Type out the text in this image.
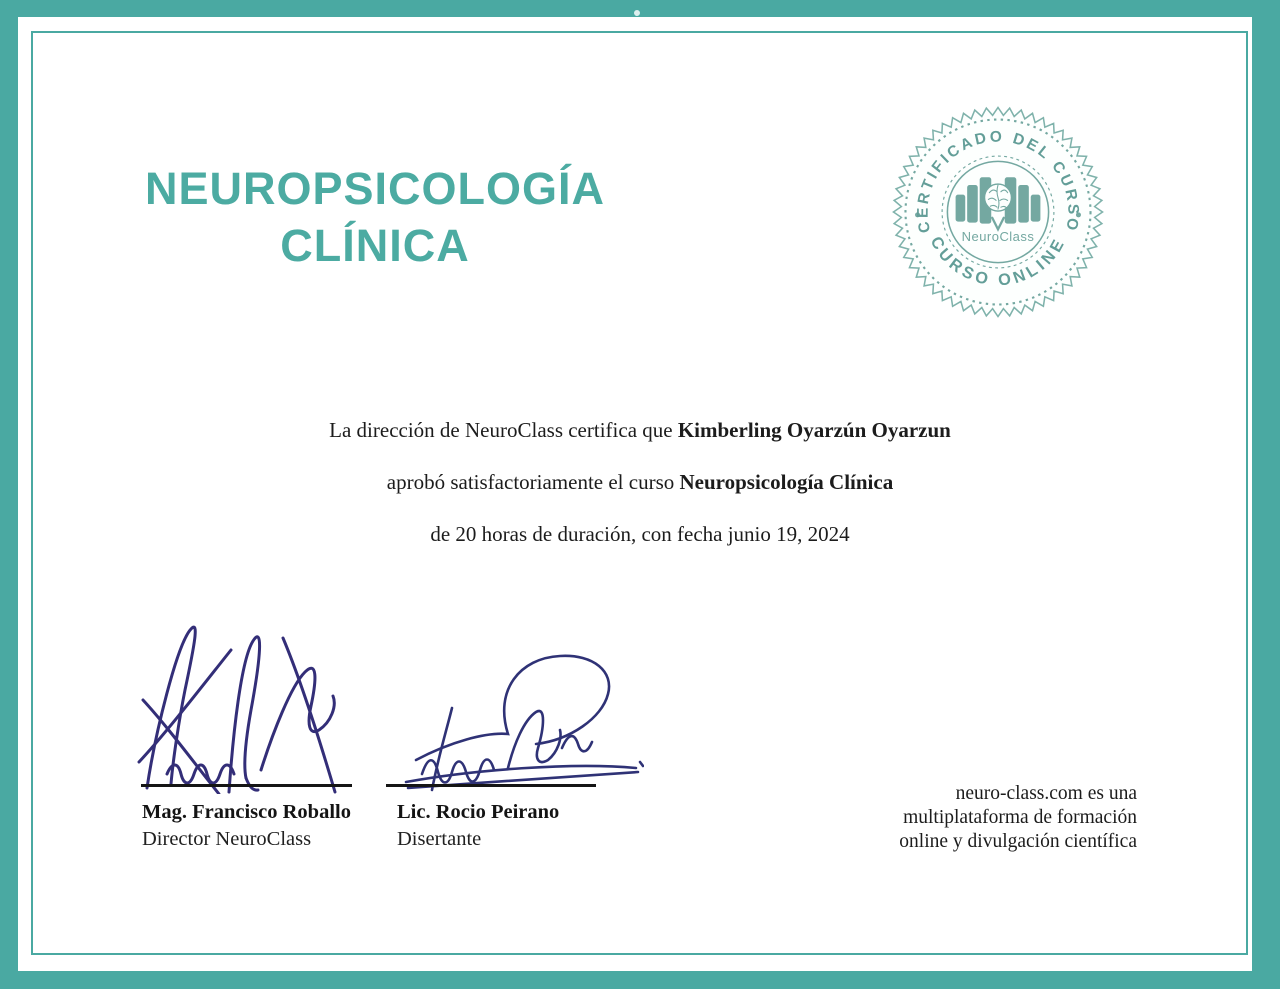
NEUROPSICOLOGÍA
CLÍNICA	CERTIFICADO DEL CURSO
CURSO ONLINE
NeuroClass
La dirección de NeuroClass certifica que Kimberling Oyarzún Oyarzun
aprobó satisfactoriamente el curso Neuropsicología Clínica
de 20 horas de duración, con fecha junio 19, 2024
Mag. Francisco Roballo
Director NeuroClass
Lic. Rocio Peirano
Disertante
neuro-class.com es una
multiplataforma de formación
online y divulgación científica
